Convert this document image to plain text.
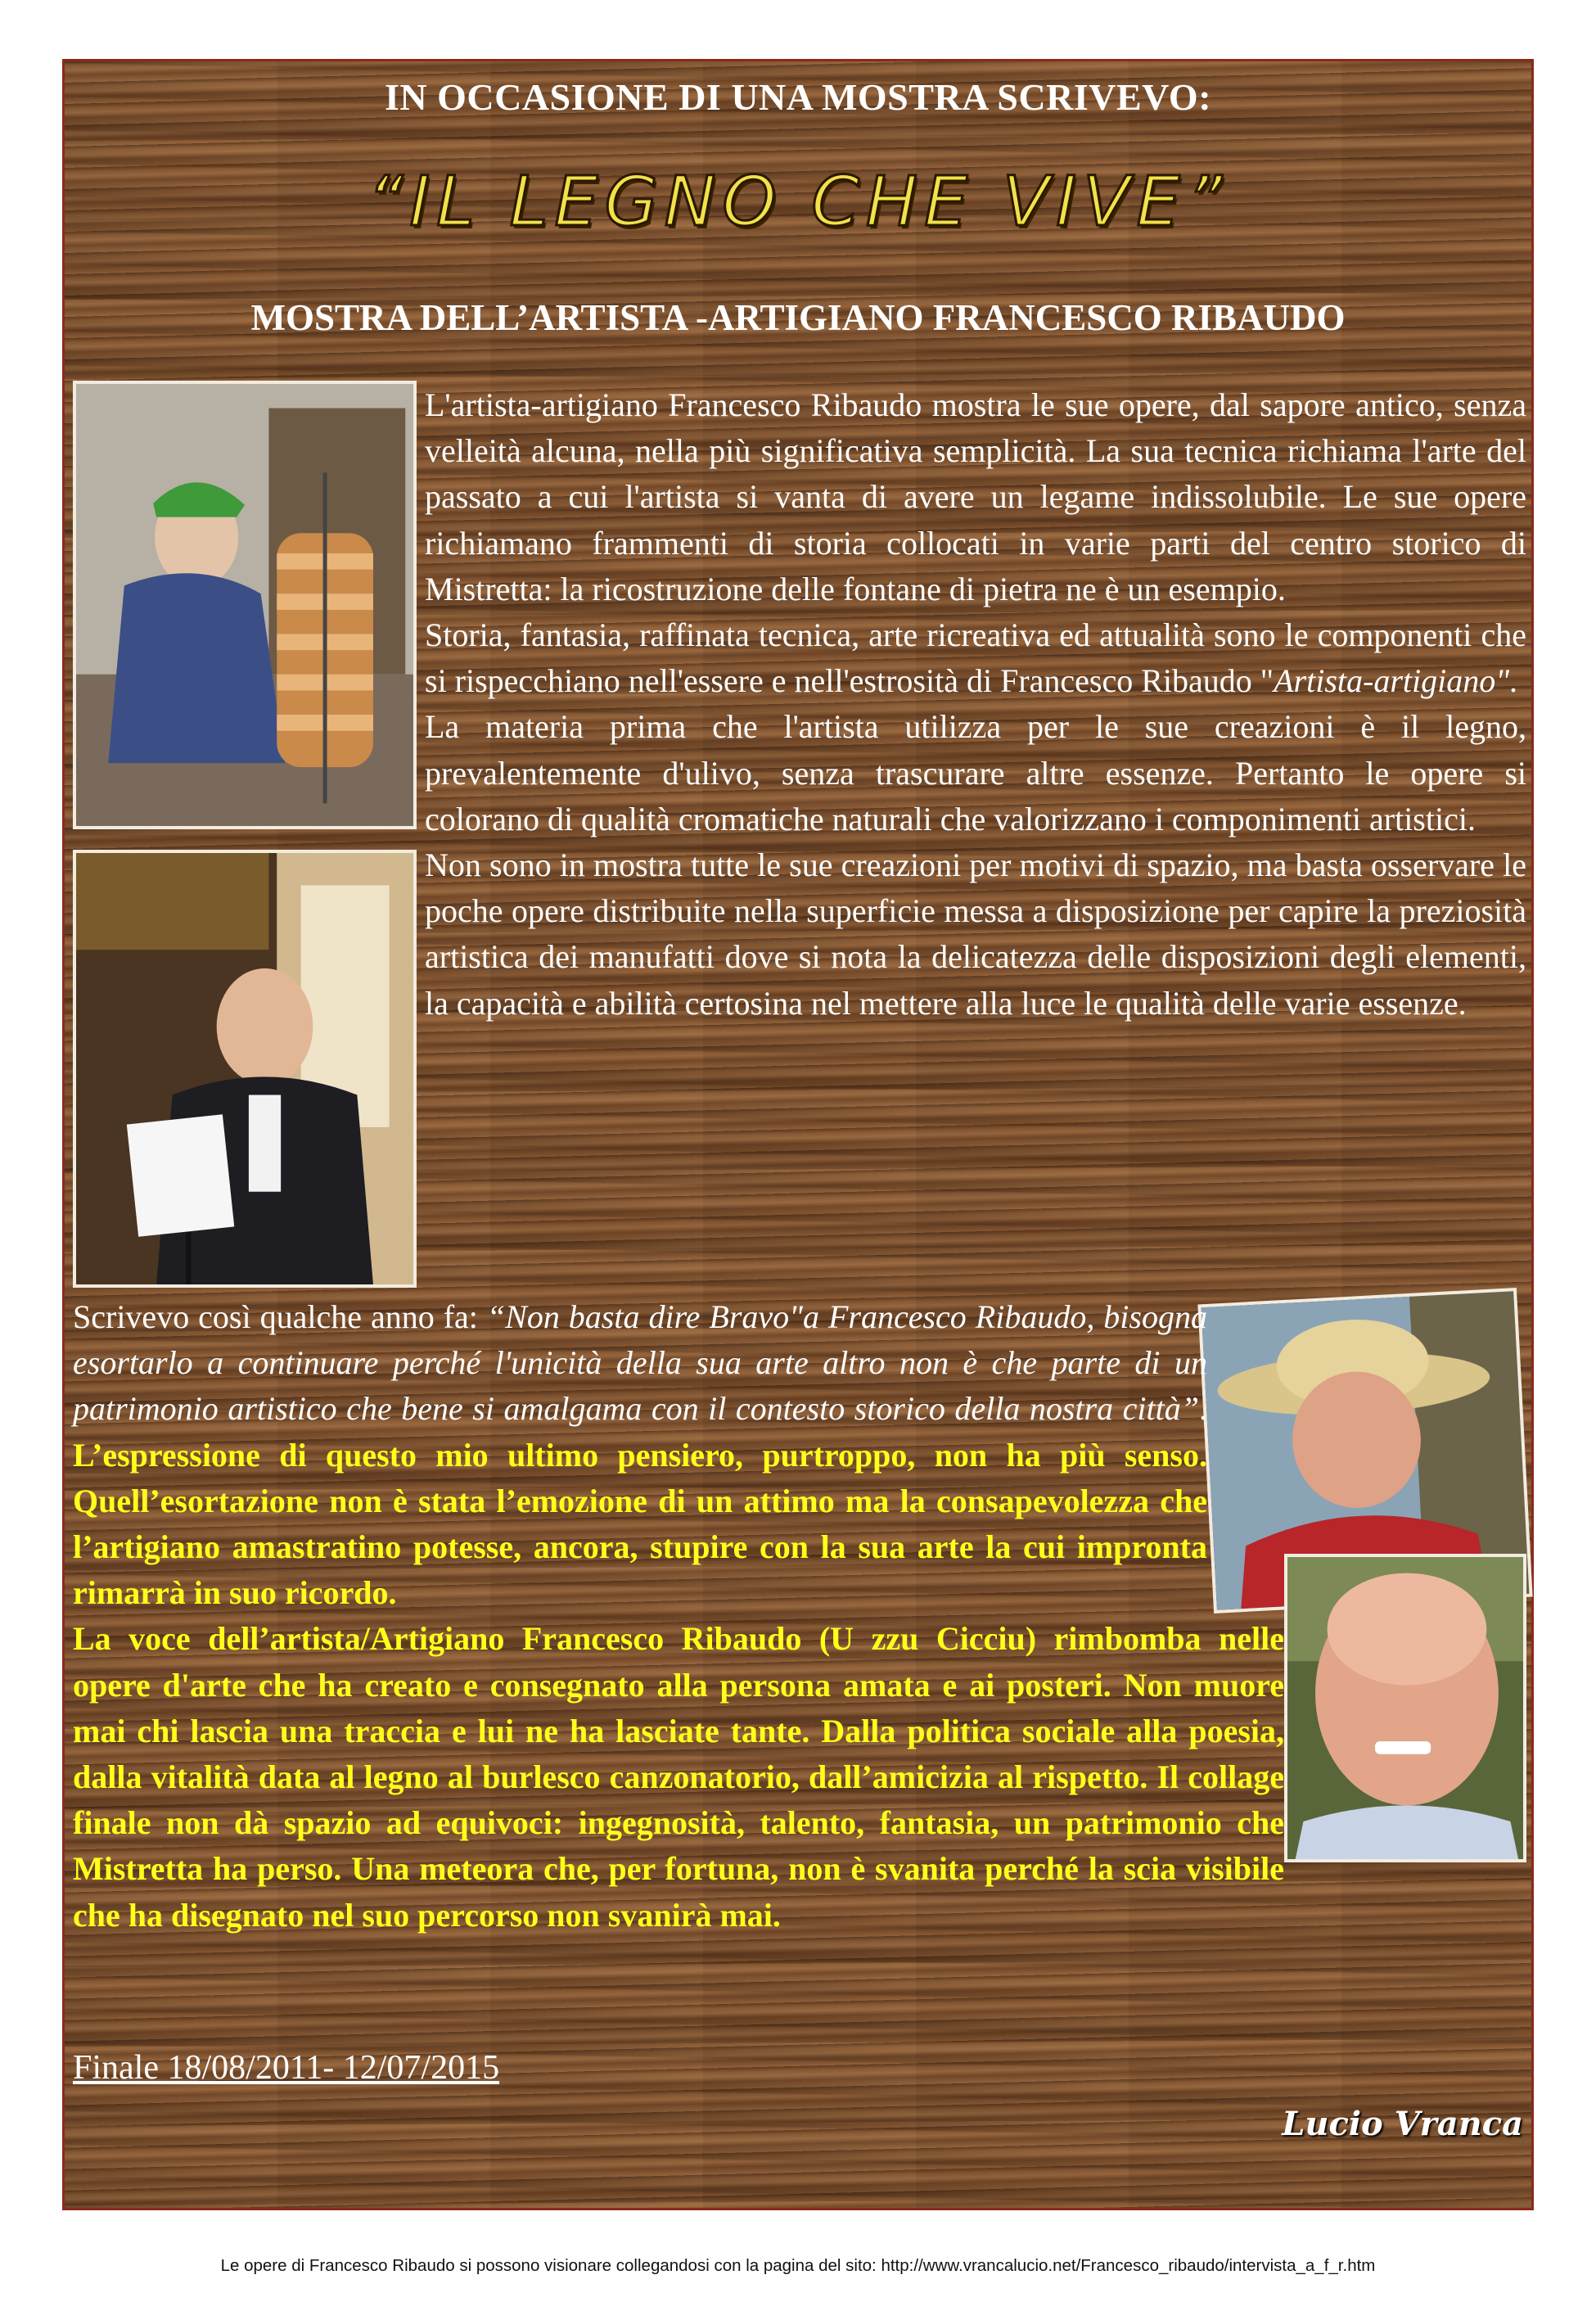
IN OCCASIONE DI UNA MOSTRA SCRIVEVO:
“IL LEGNO CHE VIVE”
MOSTRA DELL’ARTISTA -ARTIGIANO FRANCESCO RIBAUDO

L'artista-artigiano Francesco Ribaudo mostra le sue opere, dal sapore antico, senza velleità alcuna, nella più significativa semplicità. La sua tecnica richiama l'arte del passato a cui l'artista si vanta di avere un legame indissolubile. Le sue opere richiamano frammenti di storia collocati in varie parti del centro storico di Mistretta: la ricostruzione delle fontane di pietra ne è un esempio.

Storia, fantasia, raffinata tecnica, arte ricreativa ed attualità sono le componenti che si rispecchiano nell'essere e nell'estrosità di Francesco Ribaudo "Artista-artigiano".

La materia prima che l'artista utilizza per le sue creazioni è il legno, prevalentemente d'ulivo, senza trascurare altre essenze. Pertanto le opere si colorano di qualità cromatiche naturali che valorizzano i componimenti artistici.

Non sono in mostra tutte le sue creazioni per motivi di spazio, ma basta osservare le poche opere distribuite nella superficie messa a disposizione per capire la preziosità artistica dei manufatti dove si nota la delicatezza delle disposizioni degli elementi, la capacità e abilità certosina nel mettere alla luce le qualità delle varie essenze.

Scrivevo così qualche anno fa: “Non basta dire Bravo"a Francesco Ribaudo, bisogna esortarlo a continuare perché l'unicità della sua arte altro non è che parte di un patrimonio artistico che bene si amalgama con il contesto storico della nostra città”. L’espressione di questo mio ultimo pensiero, purtroppo, non ha più senso. Quell’esortazione non è stata l’emozione di un attimo ma la consapevolezza che l’artigiano amastratino potesse, ancora, stupire con la sua arte la cui impronta rimarrà in suo ricordo.

La voce dell’artista/Artigiano Francesco Ribaudo (U zzu Cicciu) rimbomba nelle opere d'arte che ha creato e consegnato alla persona amata e ai posteri. Non muore mai chi lascia una traccia e lui ne ha lasciate tante. Dalla politica sociale alla poesia, dalla vitalità data al legno al burlesco canzonatorio, dall’amicizia al rispetto. Il collage finale non dà spazio ad equivoci: ingegnosità, talento, fantasia, un patrimonio che Mistretta ha perso. Una meteora che, per fortuna, non è svanita perché la scia visibile che ha disegnato nel suo percorso non svanirà mai.

Finale 18/08/2011- 12/07/2015
Lucio Vranca
Le opere di Francesco Ribaudo si possono visionare collegandosi con la pagina del sito: http://www.vrancalucio.net/Francesco_ribaudo/intervista_a_f_r.htm
